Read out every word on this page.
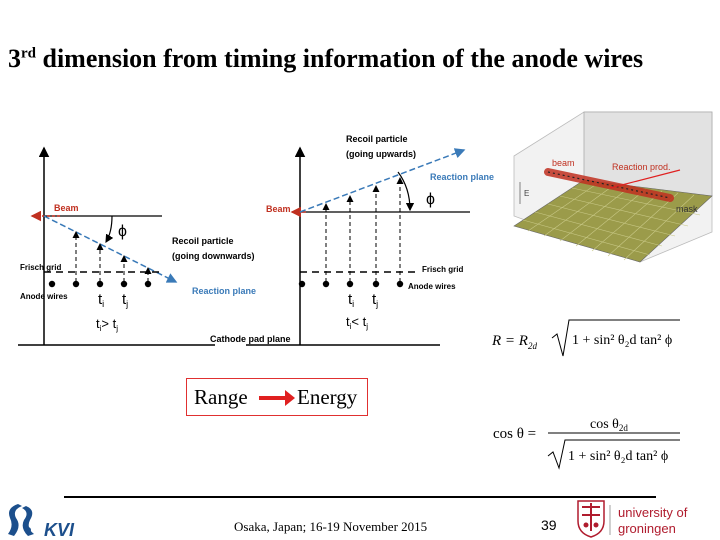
3rd dimension from timing information of the anode wires
Beam
ϕ
Recoil particle
(going downwards)
Frisch grid
Anode wires
Reaction plane
$t_i$ $t_j$
$t_i> t_j$
Recoil particle
(going upwards)
Reaction plane
Beam
ϕ
Frisch grid
Anode wires
$t_i$ $t_j$
$t_i< t_j$
Cathode pad plane
beam	Reaction prod.
mask
E
$R = R_{2d}$	1 + sin² θ₂d tan² ϕ
cos θ =
$\cos \theta_{2d}$
1 + sin² θ₂d tan² ϕ
Range Energy
Osaka, Japan; 16-19 November 2015	39
KVI
university of
groningen
